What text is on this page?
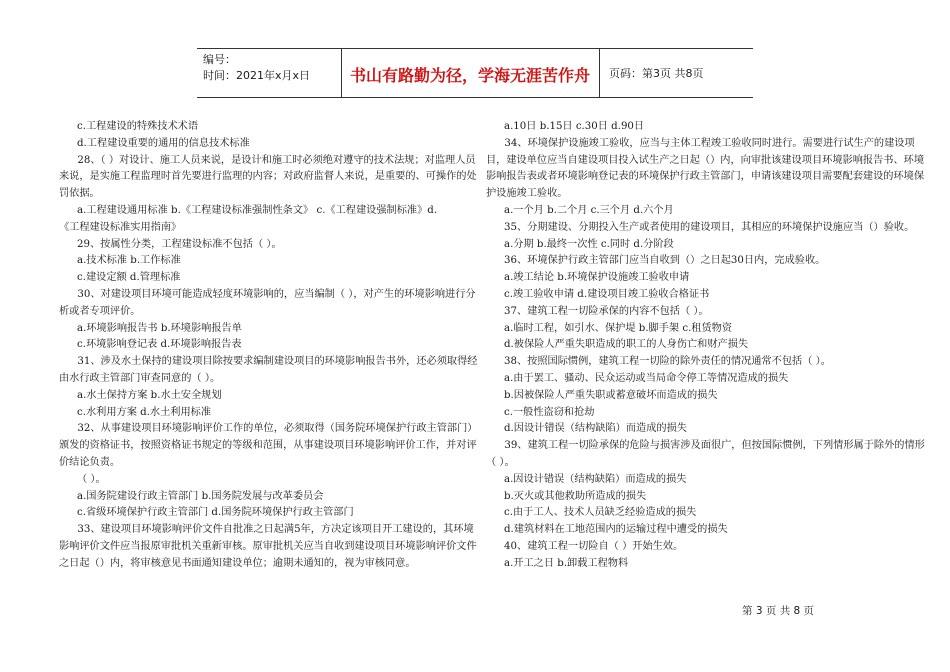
编号：
时间：2021年x月x日 书山有路勤为径，学海无涯苦作舟 页码：第3页 共8页

c.工程建设的特殊技术术语

d.工程建设重要的通用的信息技术标准

28、（ ）对设计、施工人员来说，是设计和施工时必须绝对遵守的技术法规；对监理人员来说，是实施工程监理时首先要进行监理的内容；对政府监督人来说，是重要的、可操作的处罚依据。

a.工程建设通用标准 b.《工程建设标准强制性条文》 c.《工程建设强制标准》d.

《工程建设标准实用指南》

29、按属性分类，工程建设标准不包括（ ）。

a.技术标准 b.工作标准

c.建设定额 d.管理标准

30、对建设项目环境可能造成轻度环境影响的，应当编制（ ），对产生的环境影响进行分析或者专项评价。

a.环境影响报告书 b.环境影响报告单

c.环境影响登记表 d.环境影响报告表

31、涉及水土保持的建设项目除按要求编制建设项目的环境影响报告书外，还必须取得经由水行政主管部门审查同意的（ ）。

a.水土保持方案 b.水土安全规划

c.水利用方案 d.水土利用标准

32、从事建设项目环境影响评价工作的单位，必须取得（国务院环境保护行政主管部门）颁发的资格证书，按照资格证书规定的等级和范围，从事建设项目环境影响评价工作，并对评价结论负责。

（ ）。

a.国务院建设行政主管部门 b.国务院发展与改革委员会

c.省级环境保护行政主管部门 d.国务院环境保护行政主管部门

33、建设项目环境影响评价文件自批准之日起满5年，方决定该项目开工建设的，其环境影响评价文件应当报原审批机关重新审核。原审批机关应当自收到建设项目环境影响评价文件之日起（）内，将审核意见书面通知建设单位；逾期未通知的，视为审核同意。

a.10日 b.15日 c.30日 d.90日

34、环境保护设施竣工验收，应当与主体工程竣工验收同时进行。需要进行试生产的建设项目，建设单位应当自建设项目投入试生产之日起（）内，向审批该建设项目环境影响报告书、环境影响报告表或者环境影响登记表的环境保护行政主管部门，申请该建设项目需要配套建设的环境保护设施竣工验收。

a.一个月 b.二个月 c.三个月 d.六个月

35、分期建设、分期投入生产或者使用的建设项目，其相应的环境保护设施应当（）验收。

a.分期 b.最终一次性 c.同时 d.分阶段

36、环境保护行政主管部门应当自收到（）之日起30日内，完成验收。

a.竣工结论 b.环境保护设施竣工验收申请

c.竣工验收申请 d.建设项目竣工验收合格证书

37、建筑工程一切险承保的内容不包括（ ）。

a.临时工程，如引水、保护堤 b.脚手架 c.租赁物资

d.被保险人严重失职造成的职工的人身伤亡和财产损失

38、按照国际惯例，建筑工程一切险的除外责任的情况通常不包括（ ）。

a.由于罢工、骚动、民众运动或当局命令停工等情况造成的损失

b.因被保险人严重失职或蓄意破坏而造成的损失

c.一般性盗窃和抢劫

d.因设计错误（结构缺陷）而造成的损失

39、建筑工程一切险承保的危险与损害涉及面很广，但按国际惯例，下列情形属于除外的情形（ ）。

a.因设计错误（结构缺陷）而造成的损失

b.灭火或其他救助所造成的损失

c.由于工人、技术人员缺乏经验造成的损失

d.建筑材料在工地范围内的运输过程中遭受的损失

40、建筑工程一切险自（ ）开始生效。

a.开工之日 b.卸载工程物料

第 3 页 共 8 页
